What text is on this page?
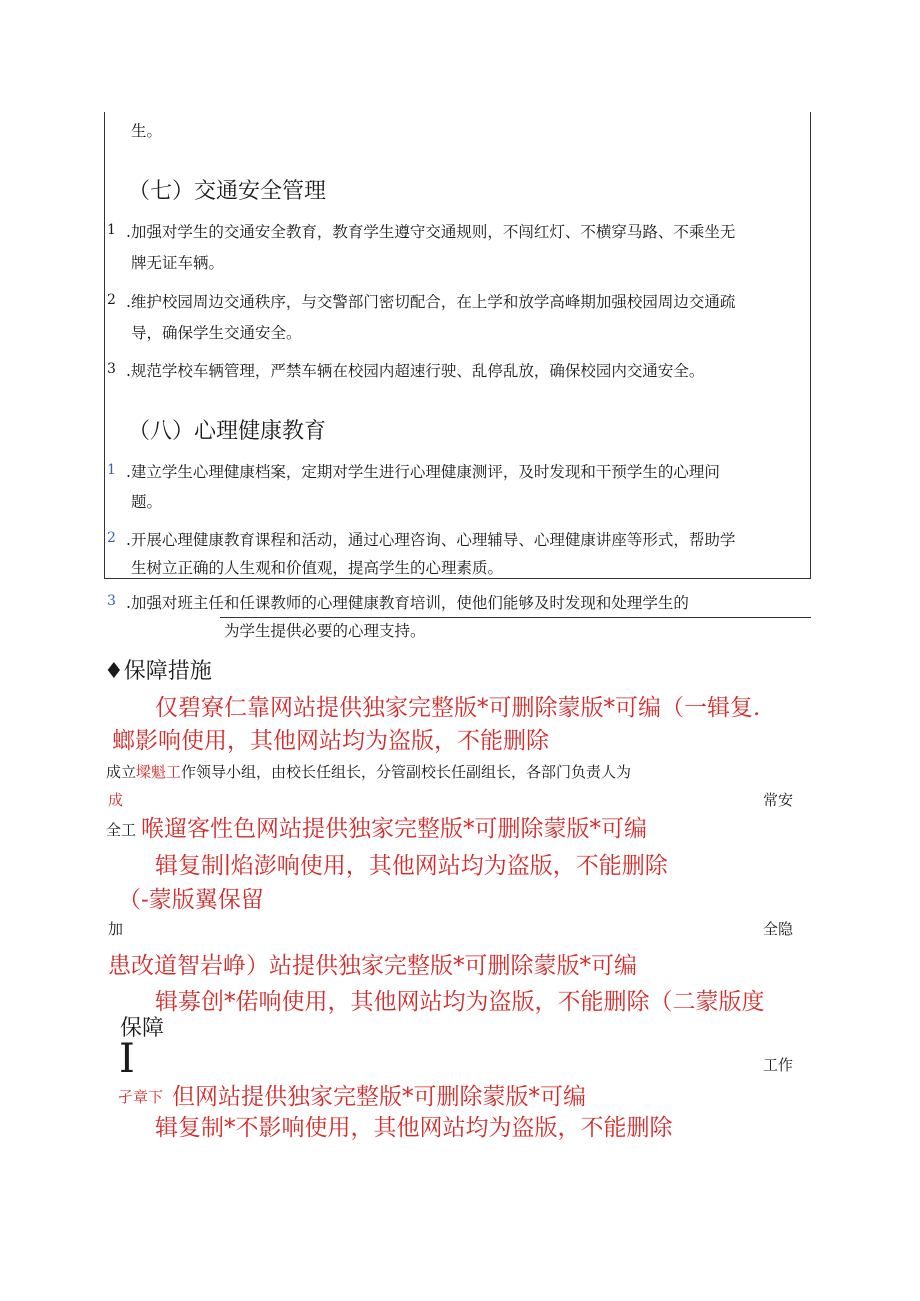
生。
（七）交通安全管理
1 .加强对学生的交通安全教育，教育学生遵守交通规则，不闯红灯、不横穿马路、不乘坐无
牌无证车辆。
2 .维护校园周边交通秩序，与交警部门密切配合，在上学和放学高峰期加强校园周边交通疏
导，确保学生交通安全。
3 .规范学校车辆管理，严禁车辆在校园内超速行驶、乱停乱放，确保校园内交通安全。
（八）心理健康教育
1 .建立学生心理健康档案，定期对学生进行心理健康测评，及时发现和干预学生的心理问
题。
2 .开展心理健康教育课程和活动，通过心理咨询、心理辅导、心理健康讲座等形式，帮助学
生树立正确的人生观和价值观，提高学生的心理素质。
3 .加强对班主任和任课教师的心理健康教育培训，使他们能够及时发现和处理学生的
为学生提供必要的心理支持。
♦保障措施
仅碧寮仁靠网站提供独家完整版*可删除蒙版*可编（一辑复.
螂影响使用，其他网站均为盗版，不能删除
成立墚魁工作领导小组，由校长任组长，分管副校长任副组长，各部门负责人为
成	常安
全工 喉遛客性色网站提供独家完整版*可删除蒙版*可编
辑复制∣焰澎响使用，其他网站均为盗版，不能删除
（-蒙版翼保留
加	全隐
患改道智岩峥）站提供独家完整版*可删除蒙版*可编
辑募创*偌响使用，其他网站均为盗版，不能删除（二蒙版度
保障
I	工作
孑章下 但网站提供独家完整版*可删除蒙版*可编
辑复制*不影响使用，其他网站均为盗版，不能删除
